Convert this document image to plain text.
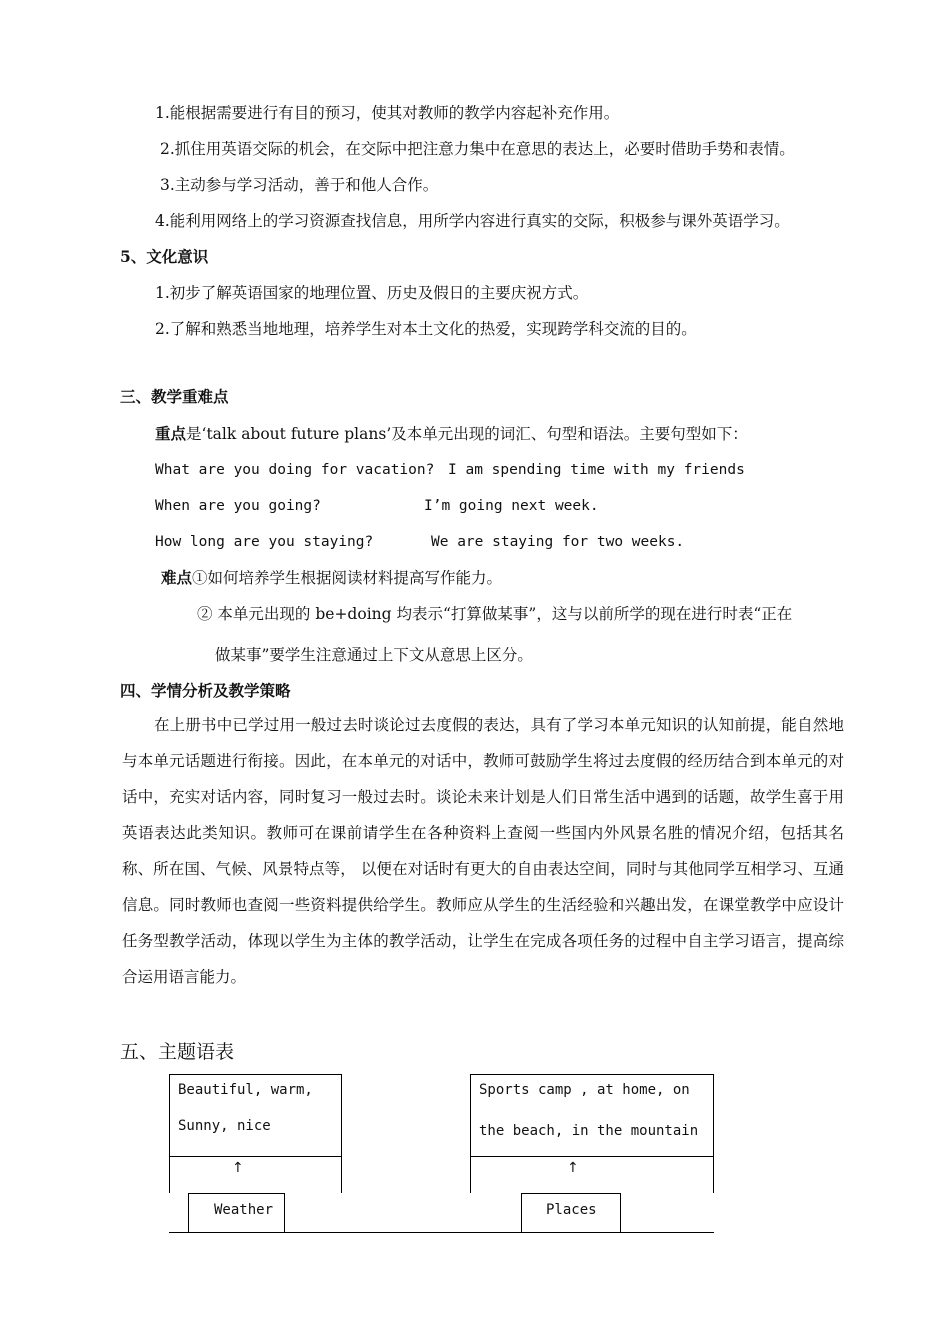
1.能根据需要进行有目的预习，使其对教师的教学内容起补充作用。
2.抓住用英语交际的机会，在交际中把注意力集中在意思的表达上，必要时借助手势和表情。
3.主动参与学习活动，善于和他人合作。
4.能利用网络上的学习资源查找信息，用所学内容进行真实的交际，积极参与课外英语学习。
5、文化意识
1.初步了解英语国家的地理位置、历史及假日的主要庆祝方式。
2.了解和熟悉当地地理，培养学生对本土文化的热爱，实现跨学科交流的目的。
三、教学重难点
重点是‘talk about future plans’及本单元出现的词汇、句型和语法。主要句型如下：
What are you doing for vacation? I am spending time with my friends
When are you going?	I’m going next week.
How long are you staying?	We are staying for two weeks.
难点①如何培养学生根据阅读材料提高写作能力。
② 本单元出现的 be+doing 均表示“打算做某事”，这与以前所学的现在进行时表“正在
做某事”要学生注意通过上下文从意思上区分。
四、学情分析及教学策略
在上册书中已学过用一般过去时谈论过去度假的表达，具有了学习本单元知识的认知前提，能自然地与本单元话题进行衔接。因此，在本单元的对话中，教师可鼓励学生将过去度假的经历结合到本单元的对话中，充实对话内容，同时复习一般过去时。谈论未来计划是人们日常生活中遇到的话题，故学生喜于用英语表达此类知识。教师可在课前请学生在各种资料上查阅一些国内外风景名胜的情况介绍，包括其名称、所在国、气候、风景特点等， 以便在对话时有更大的自由表达空间，同时与其他同学互相学习、互通信息。同时教师也查阅一些资料提供给学生。教师应从学生的生活经验和兴趣出发，在课堂教学中应设计任务型教学活动，体现以学生为主体的教学活动，让学生在完成各项任务的过程中自主学习语言，提高综合运用语言能力。
五、主题语表
Beautiful, warm,
Sunny, nice
↑
Weather
Sports camp , at home, on
the beach, in the mountain
↑
Places
